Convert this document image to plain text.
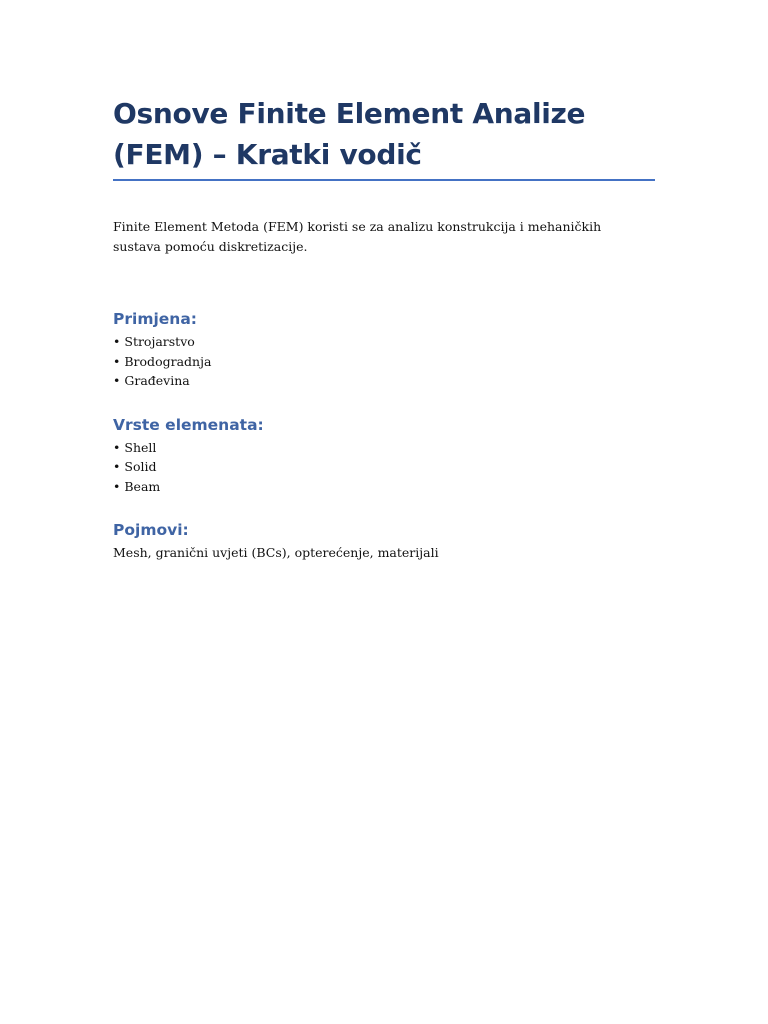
Osnove Finite Element Analize (FEM) – Kratki vodič

Finite Element Metoda (FEM) koristi se za analizu konstrukcija i mehaničkih sustava pomoću diskretizacije.

Primjena:
• Strojarstvo
• Brodogradnja
• Građevina
Vrste elemenata:
• Shell
• Solid
• Beam
Pojmovi:

Mesh, granični uvjeti (BCs), opterećenje, materijali
